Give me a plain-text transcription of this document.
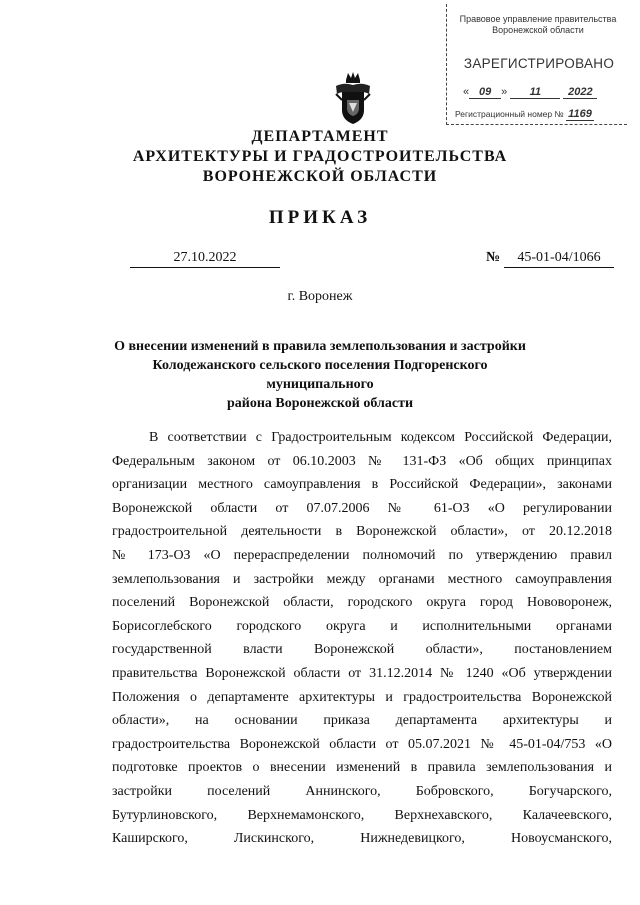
Правовое управление правительства
Воронежской области
ЗАРЕГИСТРИРОВАНО
« 09 » 11 2022
Регистрационный номер № 1169
ДЕПАРТАМЕНТ
АРХИТЕКТУРЫ И ГРАДОСТРОИТЕЛЬСТВА
ВОРОНЕЖСКОЙ ОБЛАСТИ
ПРИКАЗ
27.10.2022	№	45-01-04/1066
г. Воронеж
О внесении изменений в правила землепользования и застройки
Колодежанского сельского поселения Подгоренского муниципального
района Воронежской области

В соответствии с Градостроительным кодексом Российской Федерации,

Федеральным законом от 06.10.2003 № 131-ФЗ «Об общих принципах

организации местного самоуправления в Российской Федерации», законами

Воронежской области от 07.07.2006 № 61-ОЗ «О регулировании

градостроительной деятельности в Воронежской области», от 20.12.2018

№ 173-ОЗ «О перераспределении полномочий по утверждению правил

землепользования и застройки между органами местного самоуправления

поселений Воронежской области, городского округа город Нововоронеж,

Борисоглебского городского округа и исполнительными органами

государственной власти Воронежской области», постановлением

правительства Воронежской области от 31.12.2014 № 1240 «Об утверждении

Положения о департаменте архитектуры и градостроительства Воронежской

области», на основании приказа департамента архитектуры и

градостроительства Воронежской области от 05.07.2021 № 45-01-04/753 «О

подготовке проектов о внесении изменений в правила землепользования и

застройки поселений Аннинского, Бобровского, Богучарского,

Бутурлиновского, Верхнемамонского, Верхнехавского, Калачеевского,

Каширского, Лискинского, Нижнедевицкого, Новоусманского,
